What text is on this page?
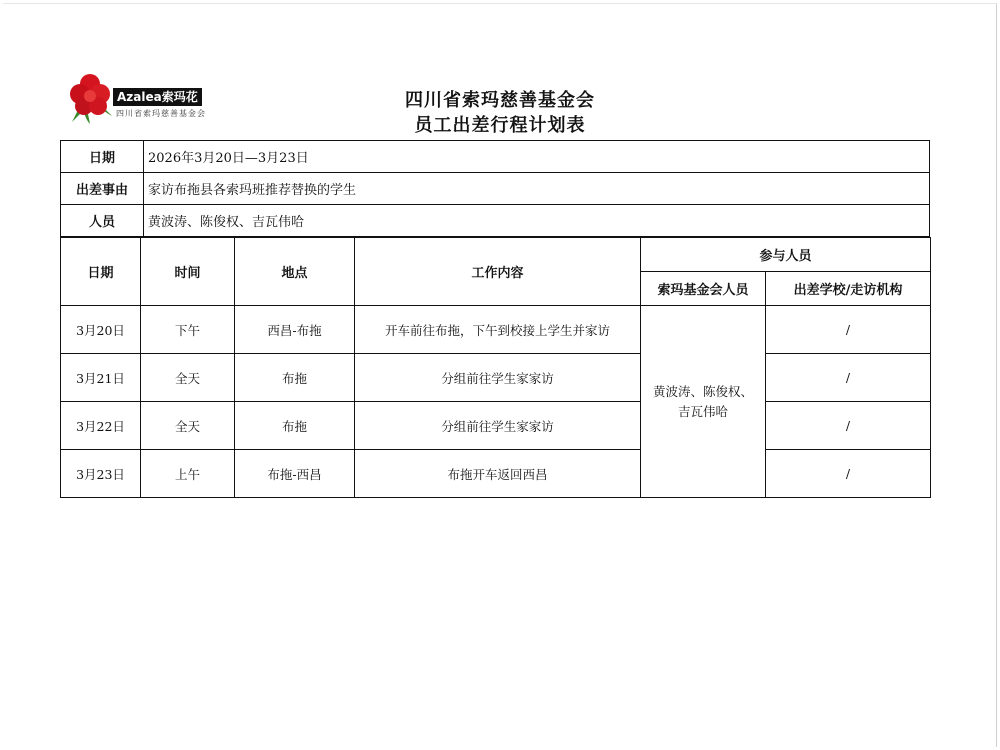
Azalea索玛花
四川省索玛慈善基金会
四川省索玛慈善基金会
员工出差行程计划表
日期	2026年3月20日—3月23日
出差事由	家访布拖县各索玛班推荐替换的学生
人员	黄波涛、陈俊权、吉瓦伟哈
日期	时间	地点	工作内容	参与人员	
				索玛基金会人员	出差学校/走访机构
3月20日	下午	西昌-布拖	开车前往布拖，下午到校接上学生并家访	黄波涛、陈俊权、吉瓦伟哈	/
3月21日	全天	布拖	分组前往学生家家访		/
3月22日	全天	布拖	分组前往学生家家访		/
3月23日	上午	布拖-西昌	布拖开车返回西昌		/
